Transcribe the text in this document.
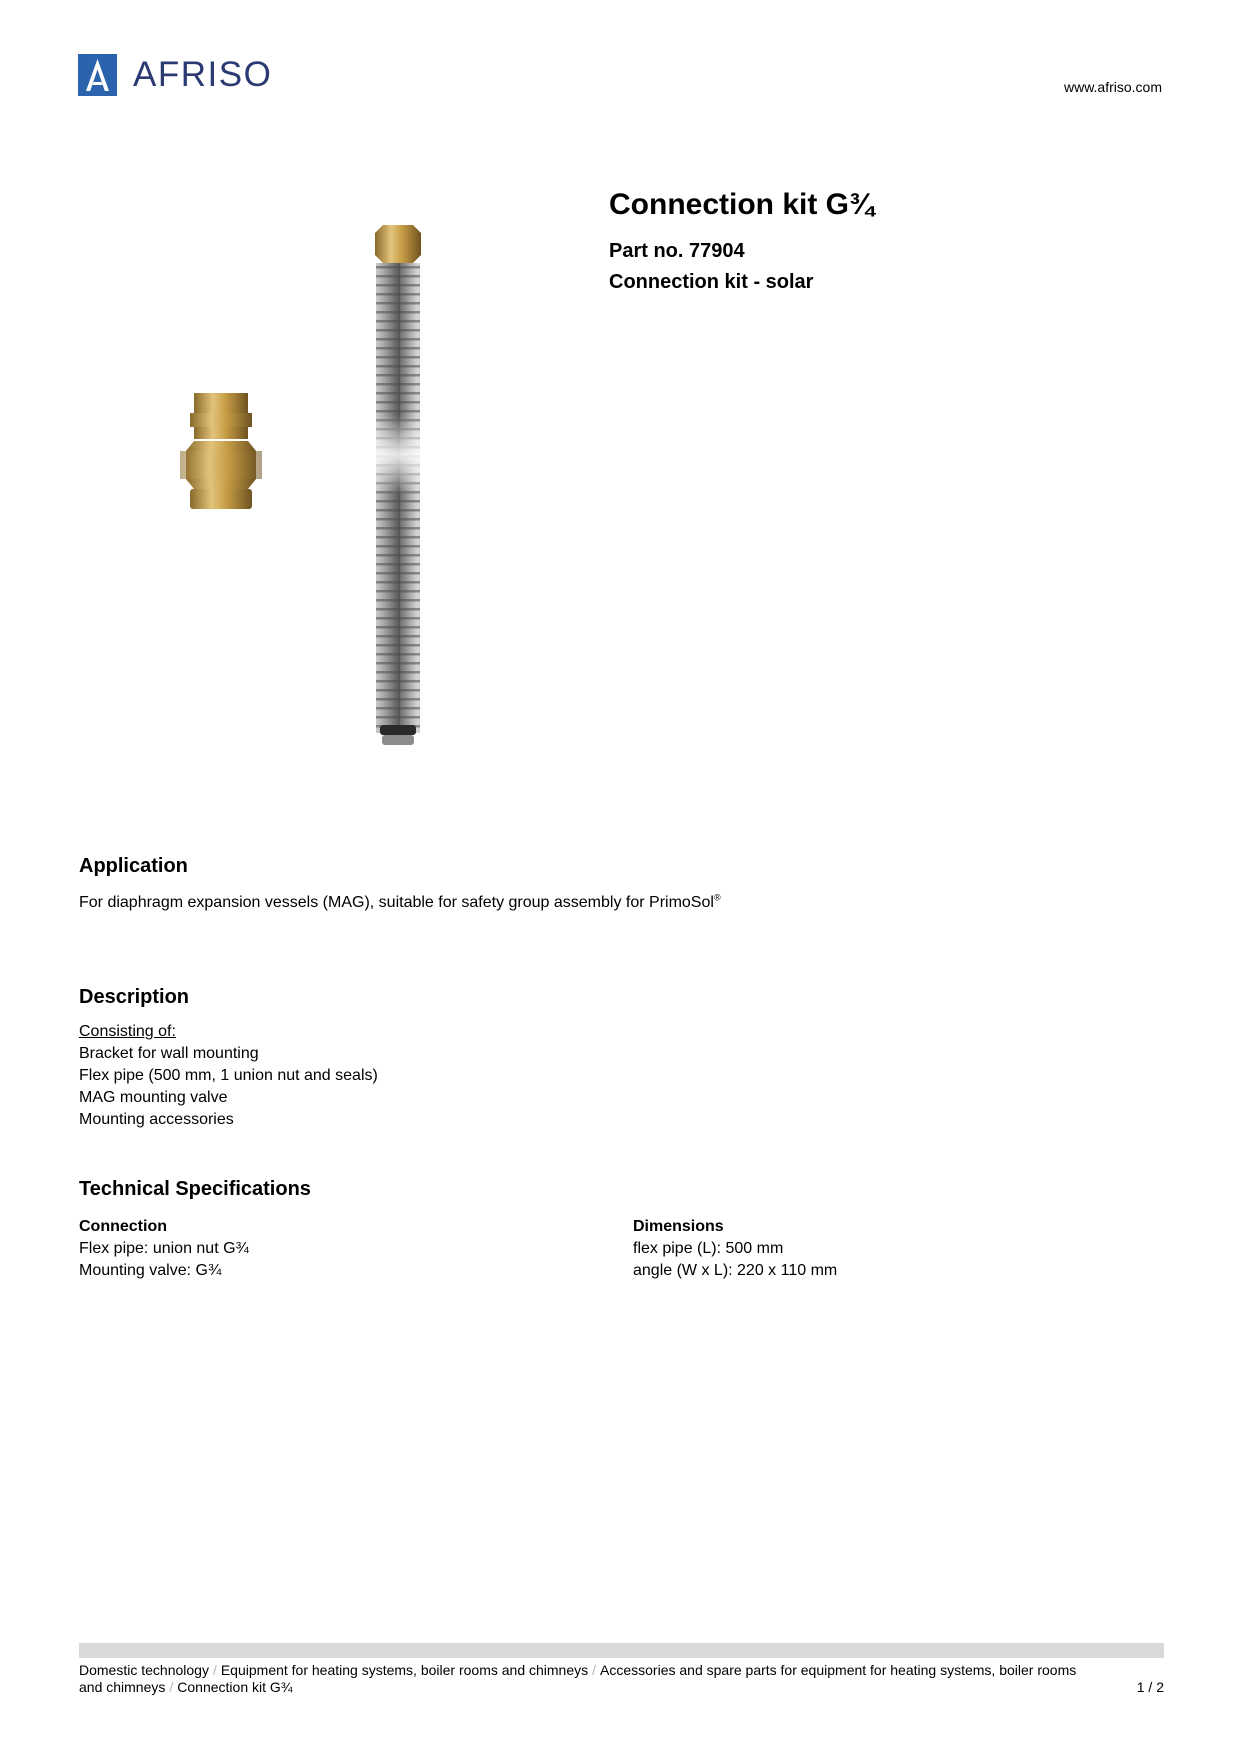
AFRISO	www.afriso.com
Connection kit G¾
Part no. 77904
Connection kit - solar
Application

For diaphragm expansion vessels (MAG), suitable for safety group assembly for PrimoSol®

Description
Consisting of:
Bracket for wall mounting
Flex pipe (500 mm, 1 union nut and seals)
MAG mounting valve
Mounting accessories
Technical Specifications
Connection
Flex pipe: union nut G¾
Mounting valve: G¾
Dimensions
flex pipe (L): 500 mm
angle (W x L): 220 x 110 mm
Domestic technology / Equipment for heating systems, boiler rooms and chimneys / Accessories and spare parts for equipment for heating systems, boiler rooms and chimneys / Connection kit G¾	1 / 2
